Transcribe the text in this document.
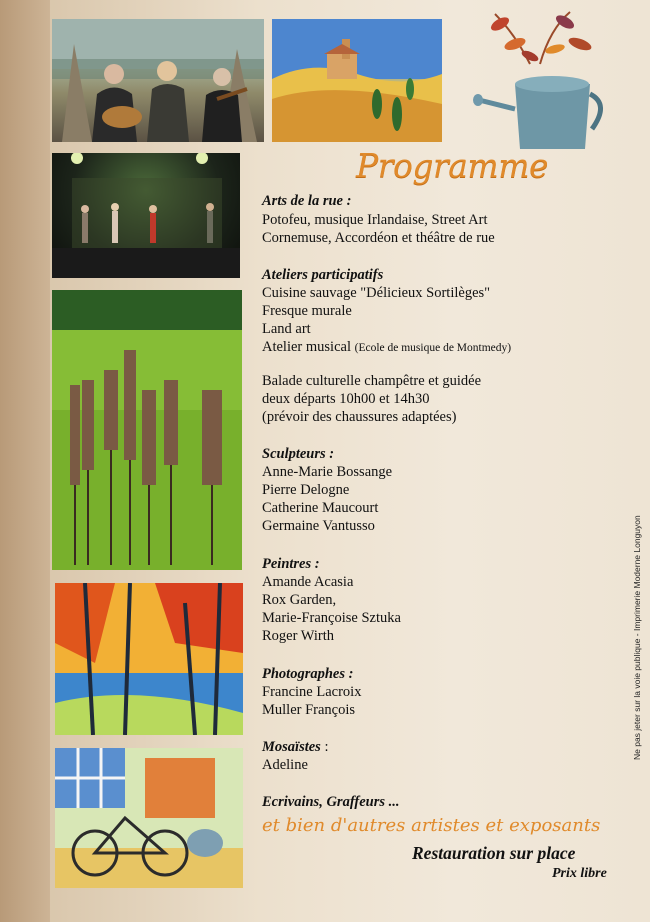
Programme
Arts de la rue :
Potofeu, musique Irlandaise, Street Art
Cornemuse, Accordéon et théâtre de rue
Ateliers participatifs
Cuisine sauvage "Délicieux Sortilèges"
Fresque murale
Land art
Atelier musical (Ecole de musique de Montmedy)
Balade culturelle champêtre et guidée
deux départs 10h00 et 14h30
(prévoir des chaussures adaptées)
Sculpteurs :
Anne-Marie Bossange
Pierre Delogne
Catherine Maucourt
Germaine Vantusso
Peintres :
Amande Acasia
Rox Garden,
Marie-Françoise Sztuka
Roger Wirth
Photographes :
Francine Lacroix
Muller François
Mosaïstes :
Adeline
Ecrivains, Graffeurs ...
et bien d'autres artistes et exposants
Restauration sur place
Prix libre
Ne pas jeter sur la voie publique - Imprimerie Moderne Longuyon
